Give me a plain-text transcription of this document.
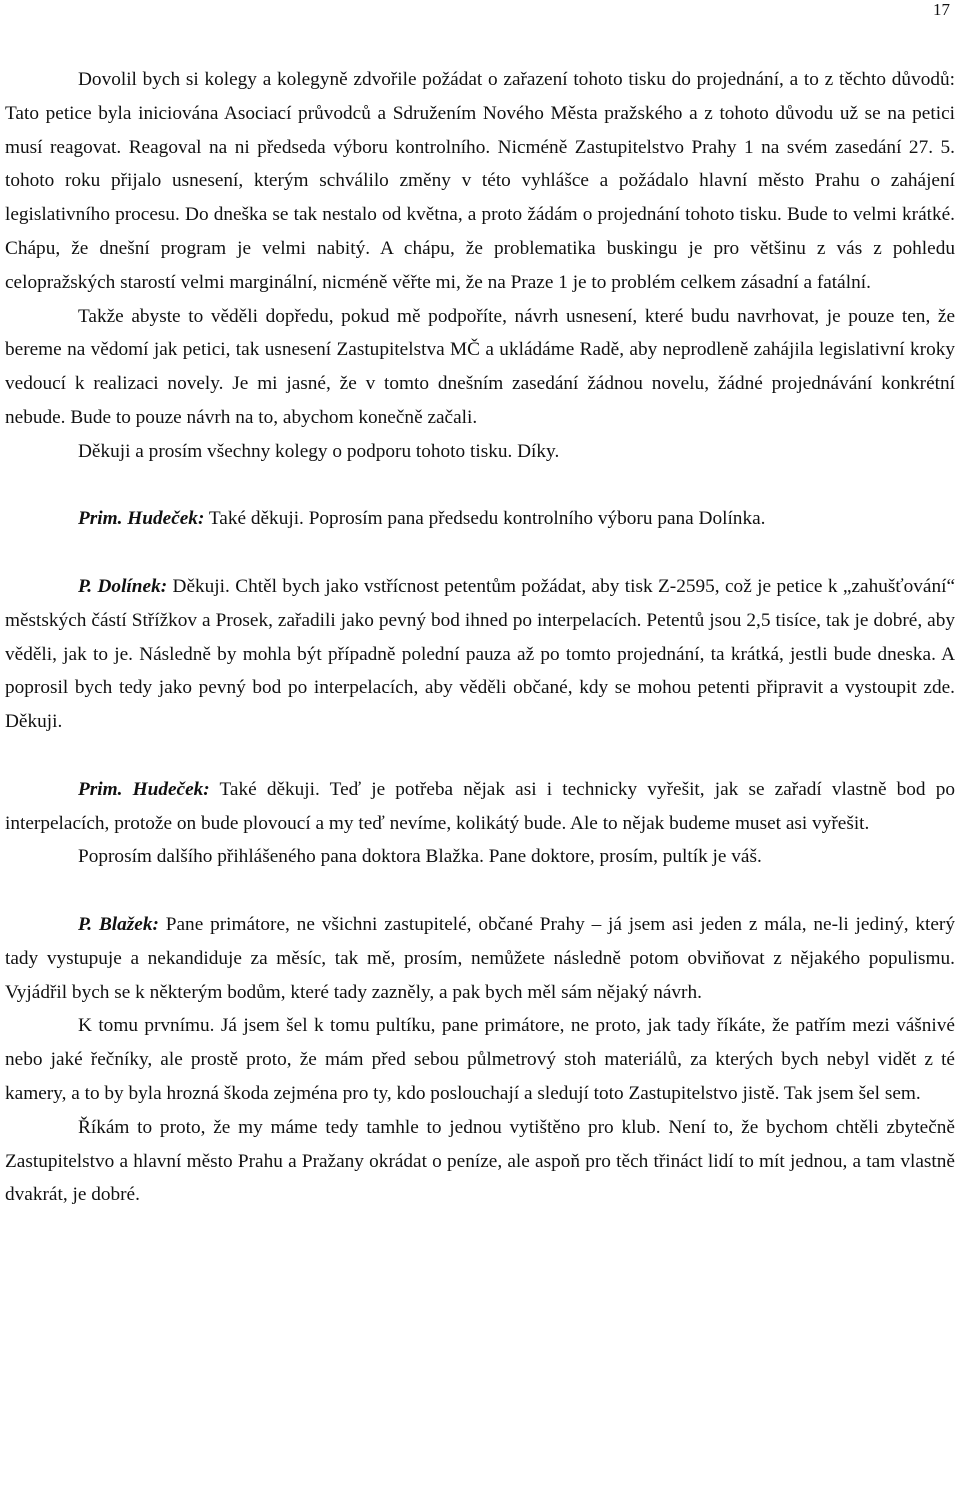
17

Dovolil bych si kolegy a kolegyně zdvořile požádat o zařazení tohoto tisku do projednání, a to z těchto důvodů: Tato petice byla iniciována Asociací průvodců a Sdružením Nového Města pražského a z tohoto důvodu už se na petici musí reagovat. Reagoval na ni předseda výboru kontrolního. Nicméně Zastupitelstvo Prahy 1 na svém zasedání 27. 5. tohoto roku přijalo usnesení, kterým schválilo změny v této vyhlášce a požádalo hlavní město Prahu o zahájení legislativního procesu. Do dneška se tak nestalo od května, a proto žádám o projednání tohoto tisku. Bude to velmi krátké. Chápu, že dnešní program je velmi nabitý. A chápu, že problematika buskingu je pro většinu z vás z pohledu celopražských starostí velmi marginální, nicméně věřte mi, že na Praze 1 je to problém celkem zásadní a fatální.

Takže abyste to věděli dopředu, pokud mě podpoříte, návrh usnesení, které budu navrhovat, je pouze ten, že bereme na vědomí jak petici, tak usnesení Zastupitelstva MČ a ukládáme Radě, aby neprodleně zahájila legislativní kroky vedoucí k realizaci novely. Je mi jasné, že v tomto dnešním zasedání žádnou novelu, žádné projednávání konkrétní nebude. Bude to pouze návrh na to, abychom konečně začali.

Děkuji a prosím všechny kolegy o podporu tohoto tisku. Díky.

Prim. Hudeček: Také děkuji. Poprosím pana předsedu kontrolního výboru pana Dolínka.

P. Dolínek: Děkuji. Chtěl bych jako vstřícnost petentům požádat, aby tisk Z-2595, což je petice k „zahušťování“ městských částí Střížkov a Prosek, zařadili jako pevný bod ihned po interpelacích. Petentů jsou 2,5 tisíce, tak je dobré, aby věděli, jak to je. Následně by mohla být případně polední pauza až po tomto projednání, ta krátká, jestli bude dneska. A poprosil bych tedy jako pevný bod po interpelacích, aby věděli občané, kdy se mohou petenti připravit a vystoupit zde. Děkuji.

Prim. Hudeček: Také děkuji. Teď je potřeba nějak asi i technicky vyřešit, jak se zařadí vlastně bod po interpelacích, protože on bude plovoucí a my teď nevíme, kolikátý bude. Ale to nějak budeme muset asi vyřešit.

Poprosím dalšího přihlášeného pana doktora Blažka. Pane doktore, prosím, pultík je váš.

P. Blažek: Pane primátore, ne všichni zastupitelé, občané Prahy – já jsem asi jeden z mála, ne-li jediný, který tady vystupuje a nekandiduje za měsíc, tak mě, prosím, nemůžete následně potom obviňovat z nějakého populismu. Vyjádřil bych se k některým bodům, které tady zazněly, a pak bych měl sám nějaký návrh.

K tomu prvnímu. Já jsem šel k tomu pultíku, pane primátore, ne proto, jak tady říkáte, že patřím mezi vášnivé nebo jaké řečníky, ale prostě proto, že mám před sebou půlmetrový stoh materiálů, za kterých bych nebyl vidět z té kamery, a to by byla hrozná škoda zejména pro ty, kdo poslouchají a sledují toto Zastupitelstvo jistě. Tak jsem šel sem.

Říkám to proto, že my máme tedy tamhle to jednou vytištěno pro klub. Není to, že bychom chtěli zbytečně Zastupitelstvo a hlavní město Prahu a Pražany okrádat o peníze, ale aspoň pro těch třináct lidí to mít jednou, a tam vlastně dvakrát, je dobré.
